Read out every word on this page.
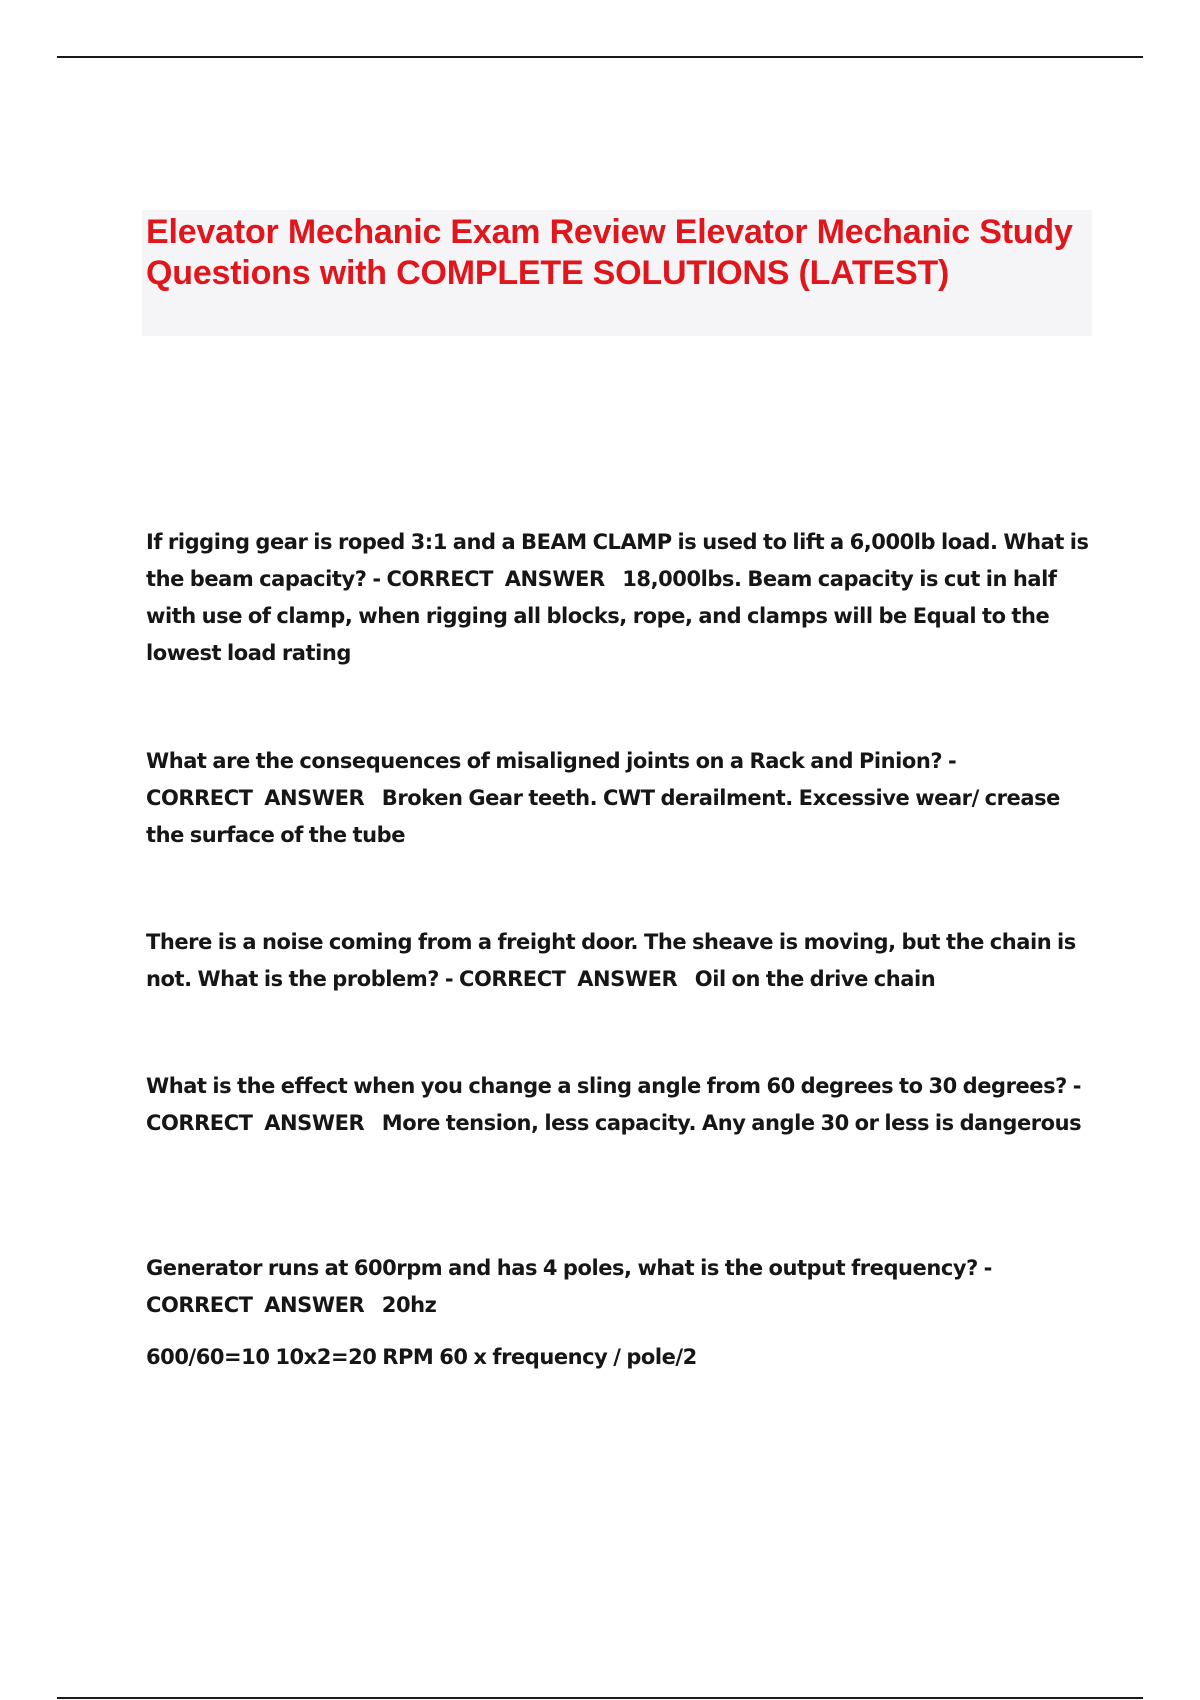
Elevator Mechanic Exam Review Elevator Mechanic Study Questions with COMPLETE SOLUTIONS (LATEST)

If rigging gear is roped 3:1 and a BEAM CLAMP is used to lift a 6,000lb load. What is the beam capacity? - CORRECT  ANSWER 18,000lbs. Beam capacity is cut in half with use of clamp, when rigging all blocks, rope, and clamps will be Equal to the lowest load rating

What are the consequences of misaligned joints on a Rack and Pinion? - CORRECT  ANSWER Broken Gear teeth. CWT derailment. Excessive wear/ crease the surface of the tube

There is a noise coming from a freight door. The sheave is moving, but the chain is not. What is the problem? - CORRECT  ANSWER Oil on the drive chain

What is the effect when you change a sling angle from 60 degrees to 30 degrees? - CORRECT  ANSWER More tension, less capacity. Any angle 30 or less is dangerous

Generator runs at 600rpm and has 4 poles, what is the output frequency? - CORRECT  ANSWER 20hz

600/60=10 10x2=20 RPM 60 x frequency / pole/2
